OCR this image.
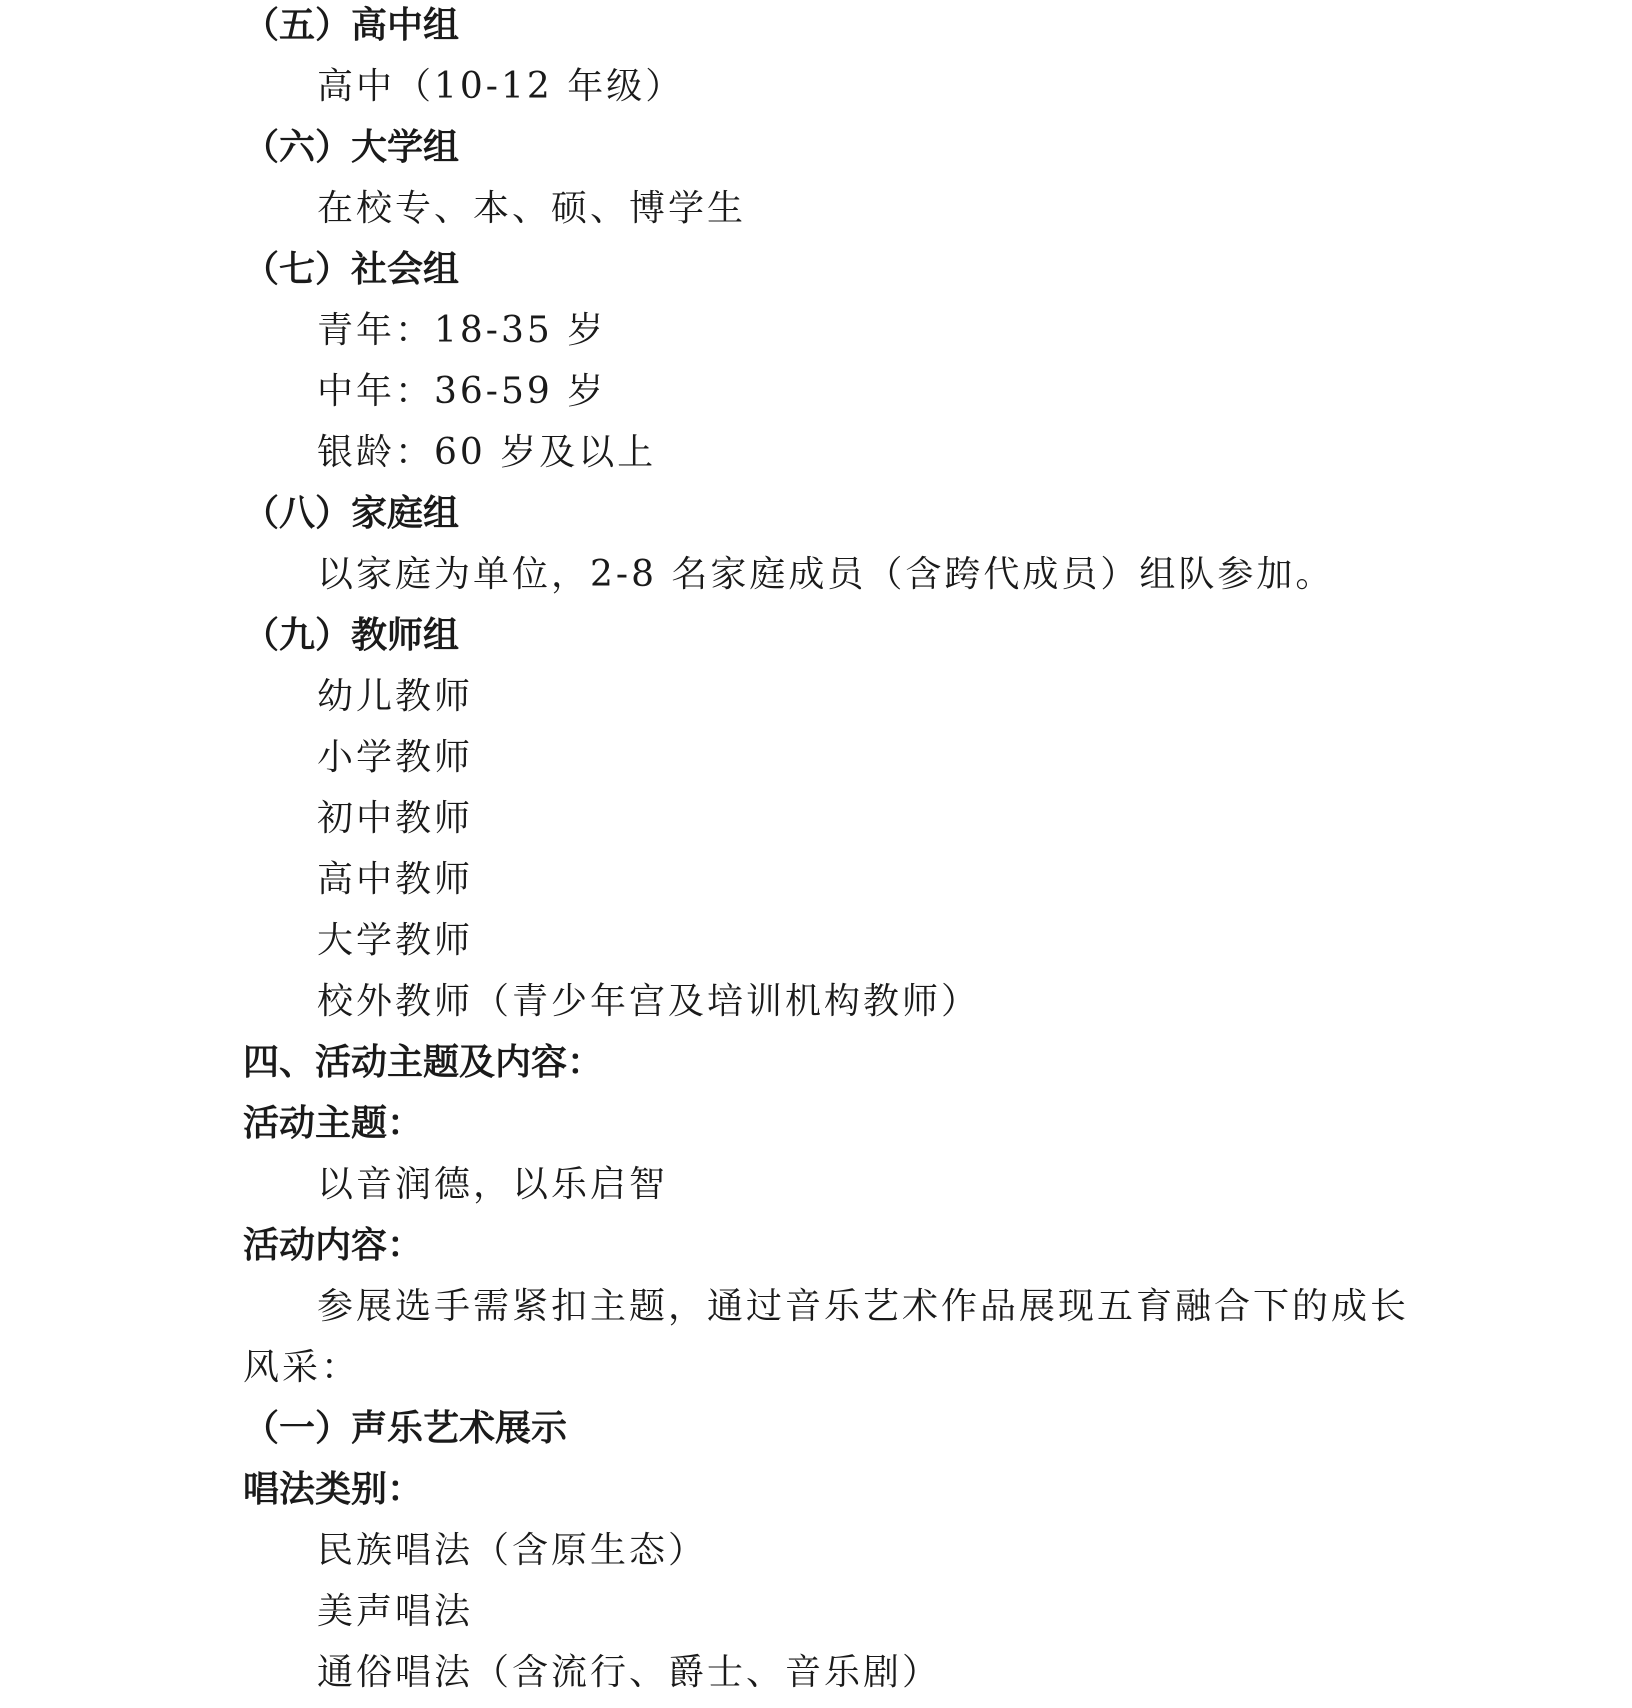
（五）高中组
高中（10-12 年级）
（六）大学组
在校专、本、硕、博学生
（七）社会组
青年：18-35 岁
中年：36-59 岁
银龄：60 岁及以上
（八）家庭组
以家庭为单位，2-8 名家庭成员（含跨代成员）组队参加。
（九）教师组
幼儿教师
小学教师
初中教师
高中教师
大学教师
校外教师（青少年宫及培训机构教师）
四、活动主题及内容：
活动主题：
以音润德，以乐启智
活动内容：
参展选手需紧扣主题，通过音乐艺术作品展现五育融合下的成长
风采：
（一）声乐艺术展示
唱法类别：
民族唱法（含原生态）
美声唱法
通俗唱法（含流行、爵士、音乐剧）
